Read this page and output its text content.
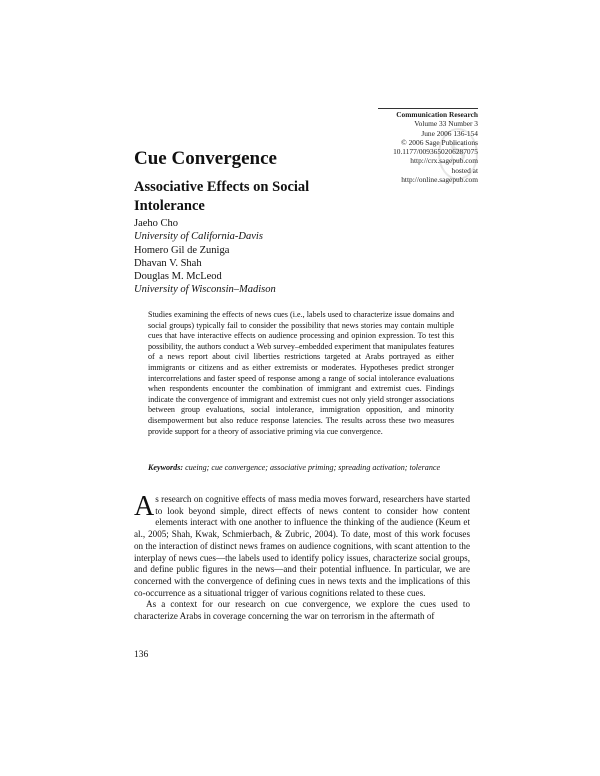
S
Communication Research
Volume 33 Number 3
June 2006 136-154
© 2006 Sage Publications
10.1177/0093650206287075
http://crx.sagepub.com
hosted at
http://online.sagepub.com
Cue Convergence
Associative Effects on Social Intolerance
Jaeho Cho
University of California-Davis
Homero Gil de Zuniga
Dhavan V. Shah
Douglas M. McLeod
University of Wisconsin–Madison
Studies examining the effects of news cues (i.e., labels used to characterize issue domains and social groups) typically fail to consider the possibility that news stories may contain multiple cues that have interactive effects on audience processing and opinion expression. To test this possibility, the authors conduct a Web survey–embedded experiment that manipulates features of a news report about civil liberties restrictions targeted at Arabs portrayed as either immigrants or citizens and as either extremists or moderates. Hypotheses predict stronger intercorrelations and faster speed of response among a range of social intolerance evaluations when respondents encounter the combination of immigrant and extremist cues. Findings indicate the convergence of immigrant and extremist cues not only yield stronger associations between group evaluations, social intolerance, immigration opposition, and minority disempowerment but also reduce response latencies. The results across these two measures provide support for a theory of associative priming via cue convergence.
Keywords: cueing; cue convergence; associative priming; spreading activation; tolerance

As research on cognitive effects of mass media moves forward, researchers have started to look beyond simple, direct effects of news content to consider how content elements interact with one another to influence the thinking of the audience (Keum et al., 2005; Shah, Kwak, Schmierbach, & Zubric, 2004). To date, most of this work focuses on the interaction of distinct news frames on audience cognitions, with scant attention to the interplay of news cues—the labels used to identify policy issues, characterize social groups, and define public figures in the news—and their potential influence. In particular, we are concerned with the convergence of defining cues in news texts and the implications of this co-occurrence as a situational trigger of various cognitions related to these cues.

As a context for our research on cue convergence, we explore the cues used to characterize Arabs in coverage concerning the war on terrorism in the aftermath of

136
